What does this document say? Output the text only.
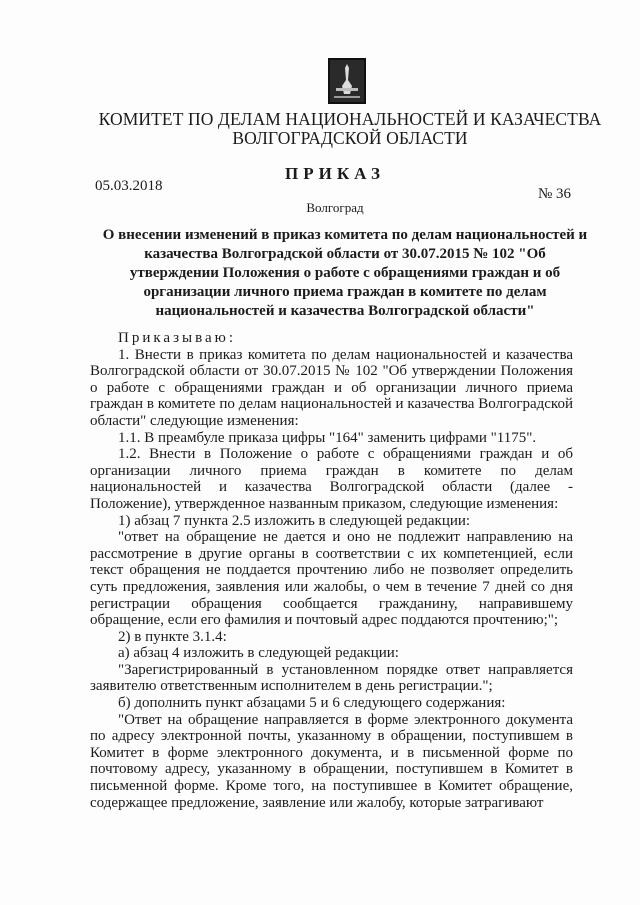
КОМИТЕТ ПО ДЕЛАМ НАЦИОНАЛЬНОСТЕЙ И КАЗАЧЕСТВА
ВОЛГОГРАДСКОЙ ОБЛАСТИ
ПРИКАЗ
05.03.2018	№ 36
Волгоград
О внесении изменений в приказ комитета по делам национальностей и
казачества Волгоградской области от 30.07.2015 № 102 "Об
утверждении Положения о работе с обращениями граждан и об
организации личного приема граждан в комитете по делам
национальностей и казачества Волгоградской области"

Приказываю:

1. Внести в приказ комитета по делам национальностей и казачества Волгоградской области от 30.07.2015 № 102 "Об утверждении Положения о работе с обращениями граждан и об организации личного приема граждан в комитете по делам национальностей и казачества Волгоградской области" следующие изменения:

1.1. В преамбуле приказа цифры "164" заменить цифрами "1175".

1.2. Внести в Положение о работе с обращениями граждан и об организации личного приема граждан в комитете по делам национальностей и казачества Волгоградской области (далее - Положение), утвержденное названным приказом, следующие изменения:

1) абзац 7 пункта 2.5 изложить в следующей редакции:

"ответ на обращение не дается и оно не подлежит направлению на рассмотрение в другие органы в соответствии с их компетенцией, если текст обращения не поддается прочтению либо не позволяет определить суть предложения, заявления или жалобы, о чем в течение 7 дней со дня регистрации обращения сообщается гражданину, направившему обращение, если его фамилия и почтовый адрес поддаются прочтению;";

2) в пункте 3.1.4:

а) абзац 4 изложить в следующей редакции:

"Зарегистрированный в установленном порядке ответ направляется заявителю ответственным исполнителем в день регистрации.";

б) дополнить пункт абзацами 5 и 6 следующего содержания:

"Ответ на обращение направляется в форме электронного документа по адресу электронной почты, указанному в обращении, поступившем в Комитет в форме электронного документа, и в письменной форме по почтовому адресу, указанному в обращении, поступившем в Комитет в письменной форме. Кроме того, на поступившее в Комитет обращение, содержащее предложение, заявление или жалобу, которые затрагивают
